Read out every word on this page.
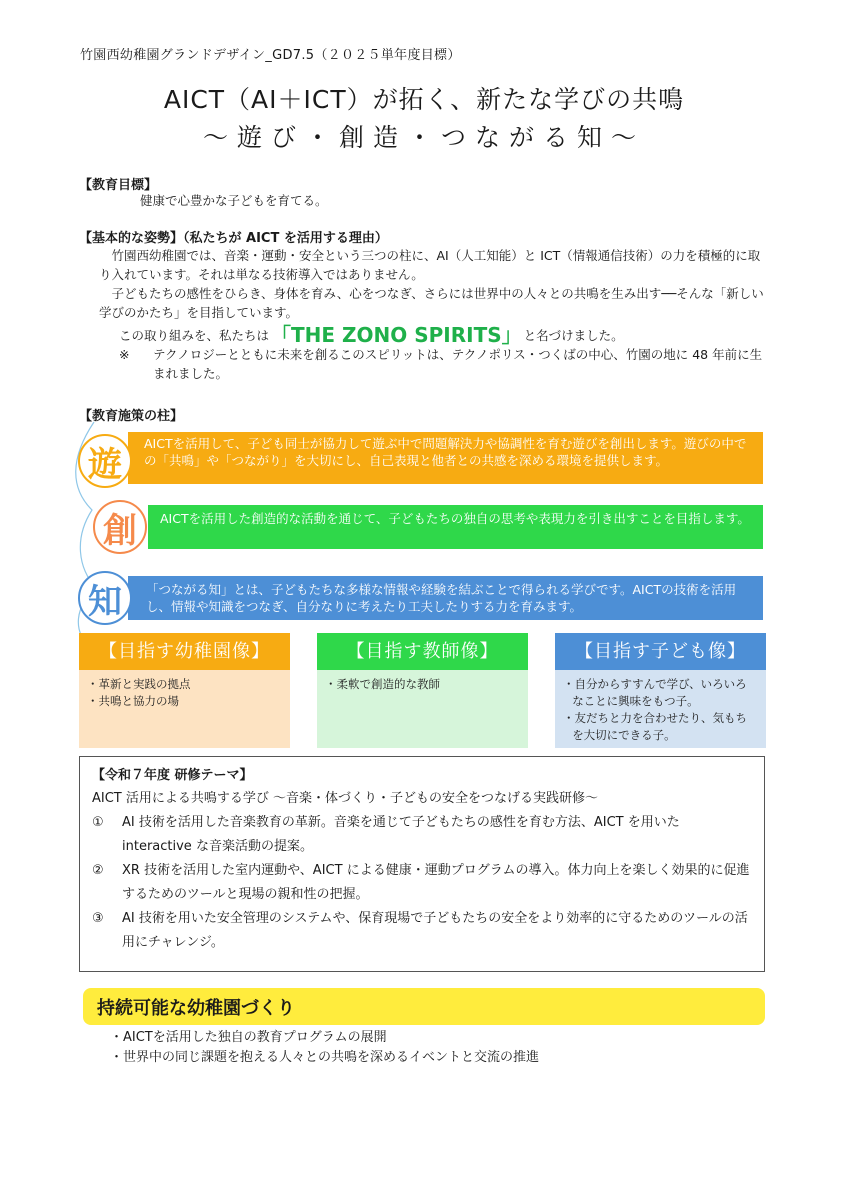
竹園西幼稚園グランドデザイン_GD7.5（２０２５単年度目標）
AICT（AI＋ICT）が拓く、新たな学びの共鳴
～遊び・創造・つながる知～
【教育目標】
健康で心豊かな子どもを育てる。
【基本的な姿勢】（私たちが AICT を活用する理由）
竹園西幼稚園では、音楽・運動・安全という三つの柱に、AI（人工知能）と ICT（情報通信技術）の力を積極的に取り入れています。それは単なる技術導入ではありません。
子どもたちの感性をひらき、身体を育み、心をつなぎ、さらには世界中の人々との共鳴を生み出す──そんな「新しい学びのかたち」を目指しています。
この取り組みを、私たちは 「THE ZONO SPIRITS」 と名づけました。
※	テクノロジーとともに未来を創るこのスピリットは、テクノポリス・つくばの中心、竹園の地に 48 年前に生まれました。
【教育施策の柱】
AICTを活用して、子ども同士が協力して遊ぶ中で問題解決力や協調性を育む遊びを創出します。遊びの中での「共鳴」や「つながり」を大切にし、自己表現と他者との共感を深める環境を提供します。
遊
AICTを活用した創造的な活動を通じて、子どもたちの独自の思考や表現力を引き出すことを目指します。
創
「つながる知」とは、子どもたちな多様な情報や経験を結ぶことで得られる学びです。AICTの技術を活用し、情報や知識をつなぎ、自分なりに考えたり工夫したりする力を育みます。
知
【目指す幼稚園像】
・革新と実践の拠点
・共鳴と協力の場
【目指す教師像】
・柔軟で創造的な教師
【目指す子ども像】
・自分からすすんで学び、いろいろなことに興味をもつ子。
・友だちと力を合わせたり、気もちを大切にできる子。
【令和７年度 研修テーマ】
AICT 活用による共鳴する学び ～音楽・体づくり・子どもの安全をつなげる実践研修～
①	AI 技術を活用した音楽教育の革新。音楽を通じて子どもたちの感性を育む方法、AICT を用いた interactive な音楽活動の提案。
②	XR 技術を活用した室内運動や、AICT による健康・運動プログラムの導入。体力向上を楽しく効果的に促進するためのツールと現場の親和性の把握。
③	AI 技術を用いた安全管理のシステムや、保育現場で子どもたちの安全をより効率的に守るためのツールの活用にチャレンジ。
持続可能な幼稚園づくり
・AICTを活用した独自の教育プログラムの展開
・世界中の同じ課題を抱える人々との共鳴を深めるイベントと交流の推進
